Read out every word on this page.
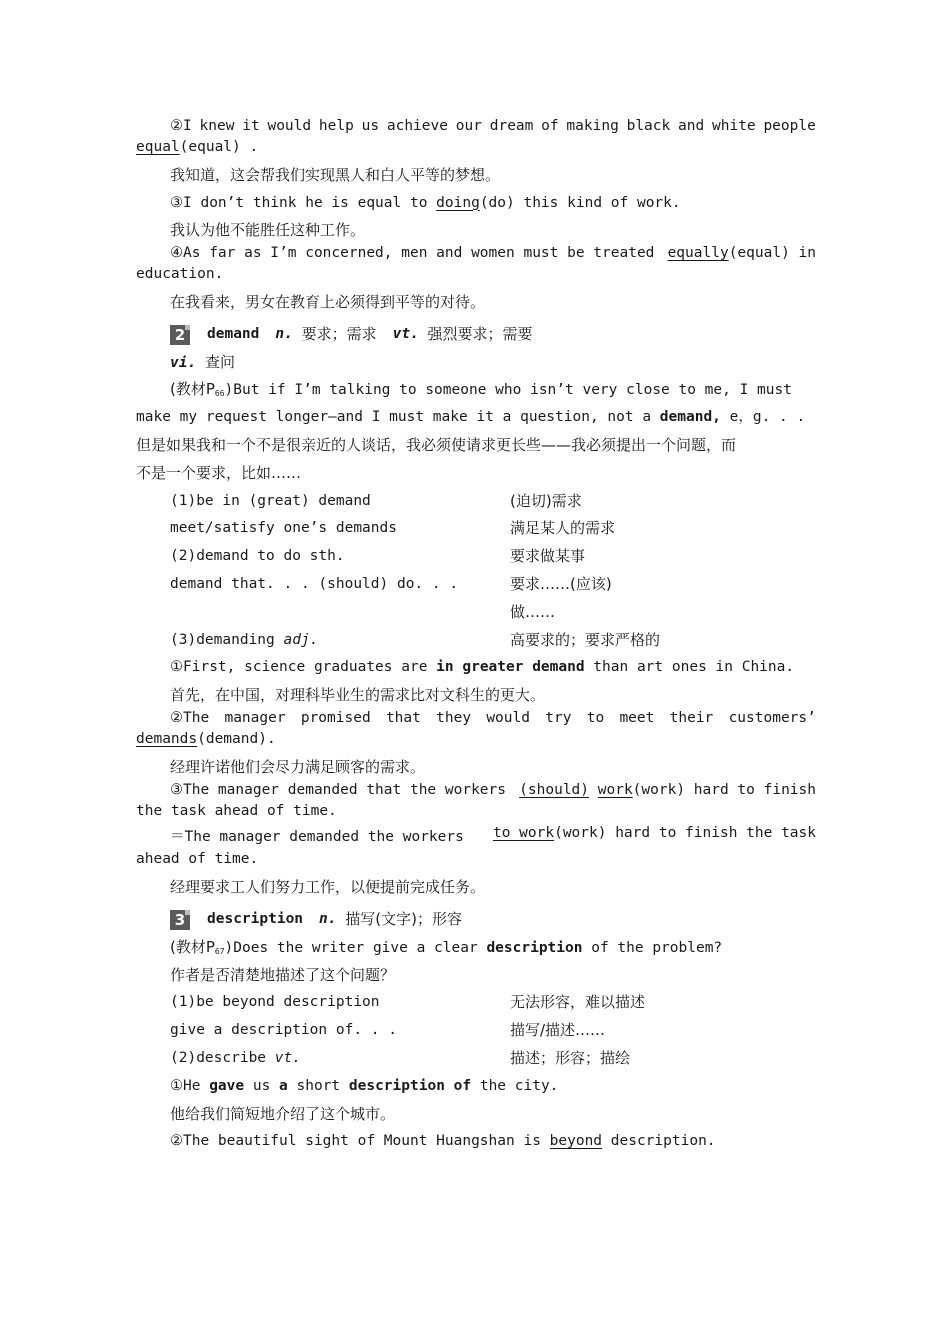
②I knew it would help us achieve our dream of making black and white people
equal(equal) .
我知道，这会帮我们实现黑人和白人平等的梦想。
③I don’t think he is equal to doing(do) this kind of work.
我认为他不能胜任这种工作。
④As far as I’m concerned, men and women must be treated equally(equal) in
education.
在我看来，男女在教育上必须得到平等的对待。
2	demand n.
要求；需求 vt.
强烈要求；需要
vi. 查问
(教材$P_{66})But$ if I’m talking to someone who isn’t very close to me, I must
make my request longer—and I must make it a question, not a demand, e，g. . .
但是如果我和一个不是很亲近的人谈话，我必须使请求更长些——我必须提出一个问题，而
不是一个要求，比如……
(1)be in (great) demand	(迫切)需求
meet/satisfy one’s demands	满足某人的需求
(2)demand to do sth.	要求做某事
demand that. . . (should) do. . .	要求……(应该)
做……
(3)demanding adj.	高要求的；要求严格的
①First, science graduates are in greater demand than art ones in China.
首先，在中国，对理科毕业生的需求比对文科生的更大。
②The manager promised that they would try to meet their customers’
demands(demand).
经理许诺他们会尽力满足顾客的需求。
③The manager demanded that the workers (should) work(work) hard to finish
the task ahead of time.
＝The manager demanded the workers to work(work) hard to finish the task
ahead of time.
经理要求工人们努力工作，以便提前完成任务。
3	description n.
描写(文字)；形容
(教材$P_{67})Does$ the writer give a clear description of the problem?
作者是否清楚地描述了这个问题？
(1)be beyond description	无法形容，难以描述
give a description of. . .	描写/描述……
(2)describe vt.	描述；形容；描绘
①He gave us a short description of the city.
他给我们简短地介绍了这个城市。
②The beautiful sight of Mount Huangshan is beyond description.
